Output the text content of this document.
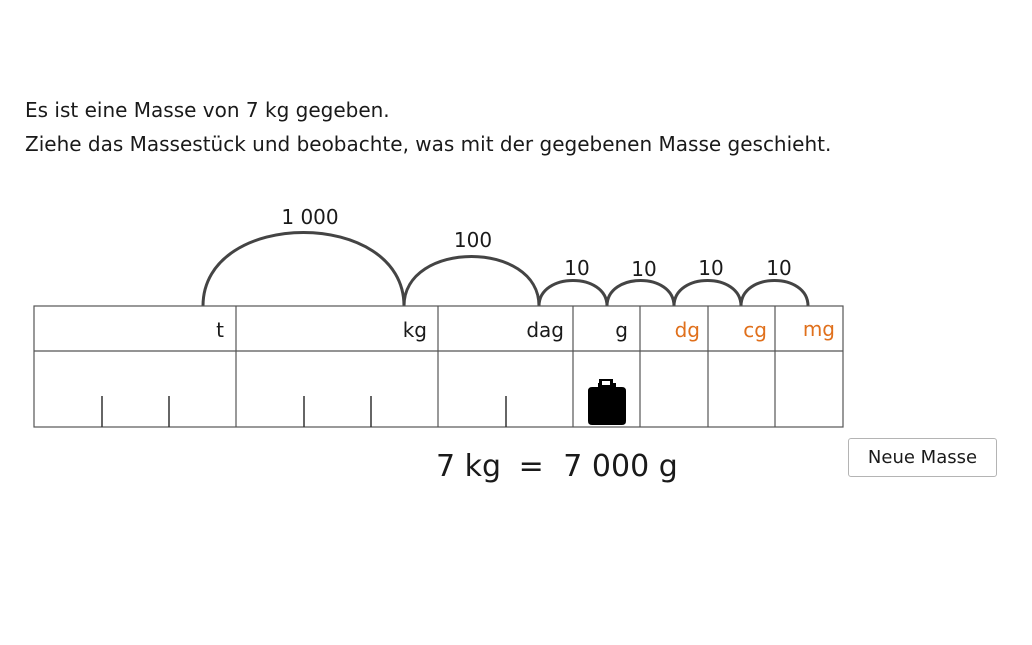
Es ist eine Masse von 7 kg gegeben.
Ziehe das Massestück und beobachte, was mit der gegebenen Masse geschieht.
1 000
100
10 10 10 10
t	kg	dag	g dg cg mg
7 kg = 7 000 g	Neue Masse
